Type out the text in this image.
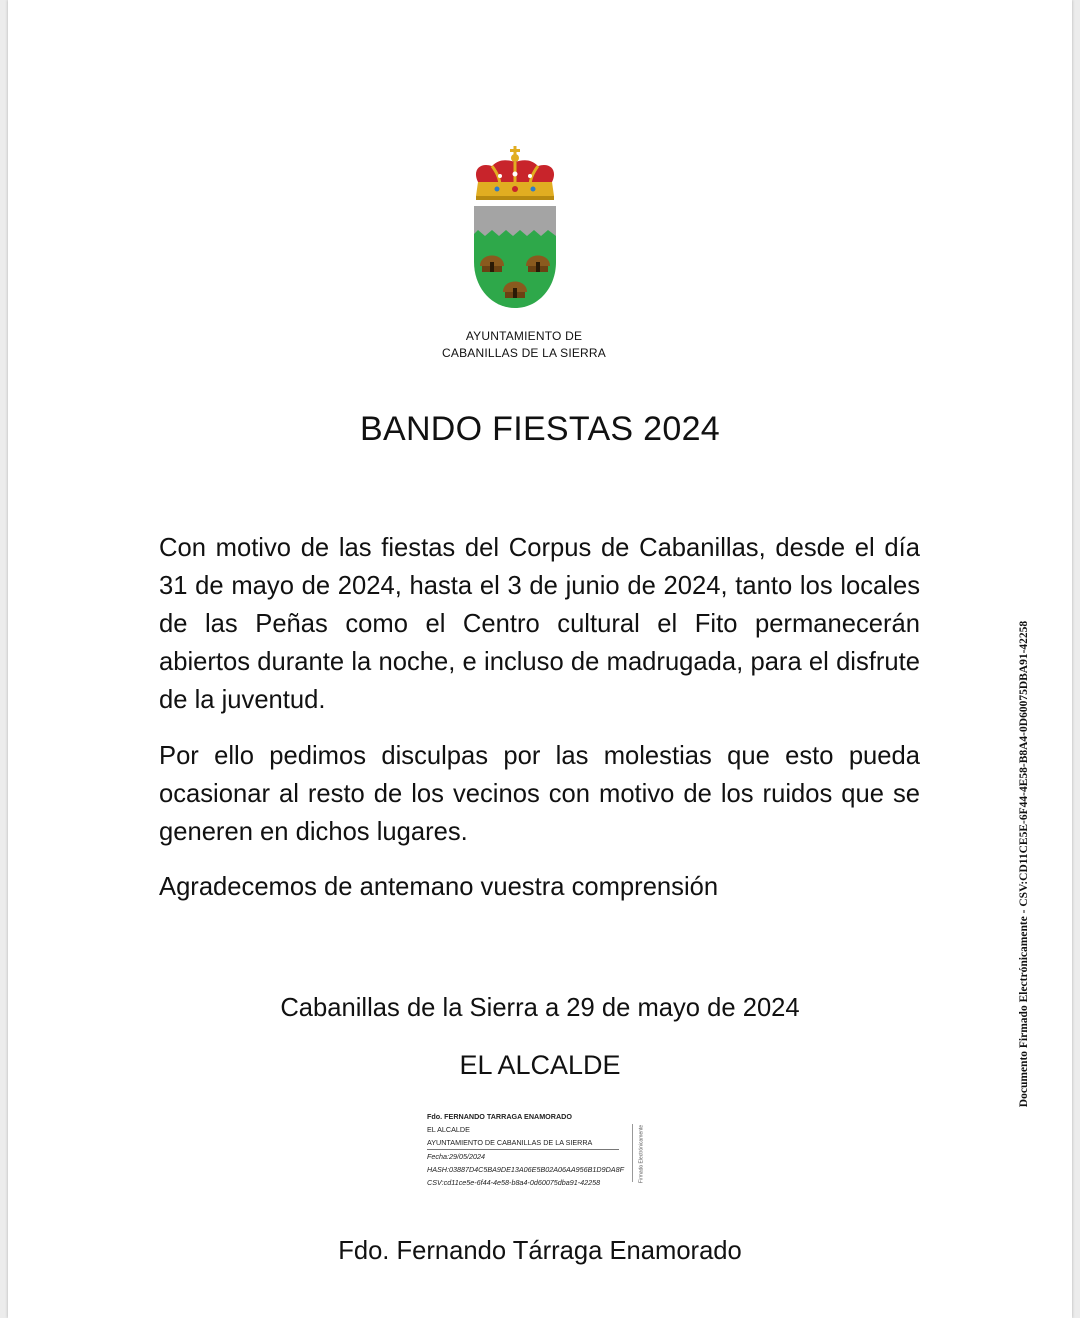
AYUNTAMIENTO DE
CABANILLAS DE LA SIERRA
BANDO FIESTAS 2024
Con motivo de las fiestas del Corpus de Cabanillas, desde el día 31 de mayo de 2024, hasta el 3 de junio de 2024, tanto los locales de las Peñas como el Centro cultural el Fito permanecerán abiertos durante la noche, e incluso de madrugada, para el disfrute de la juventud.
Por ello pedimos disculpas por las molestias que esto pueda ocasionar al resto de los vecinos con motivo de los ruidos que se generen en dichos lugares.
Agradecemos de antemano vuestra comprensión
Cabanillas de la Sierra a 29 de mayo de 2024
EL ALCALDE
Fdo. FERNANDO TARRAGA ENAMORADO
EL ALCALDE
AYUNTAMIENTO DE CABANILLAS DE LA SIERRA
Fecha:29/05/2024
HASH:03887D4C5BA9DE13A06E5B02A06AA956B1D9DA8F
CSV:cd11ce5e-6f44-4e58-b8a4-0d60075dba91-42258	Firmado Electrónicamente
Fdo. Fernando Tárraga Enamorado
Documento Firmado Electrónicamente - CSV:CD11CE5E-6F44-4E58-B8A4-0D60075DBA91-42258
